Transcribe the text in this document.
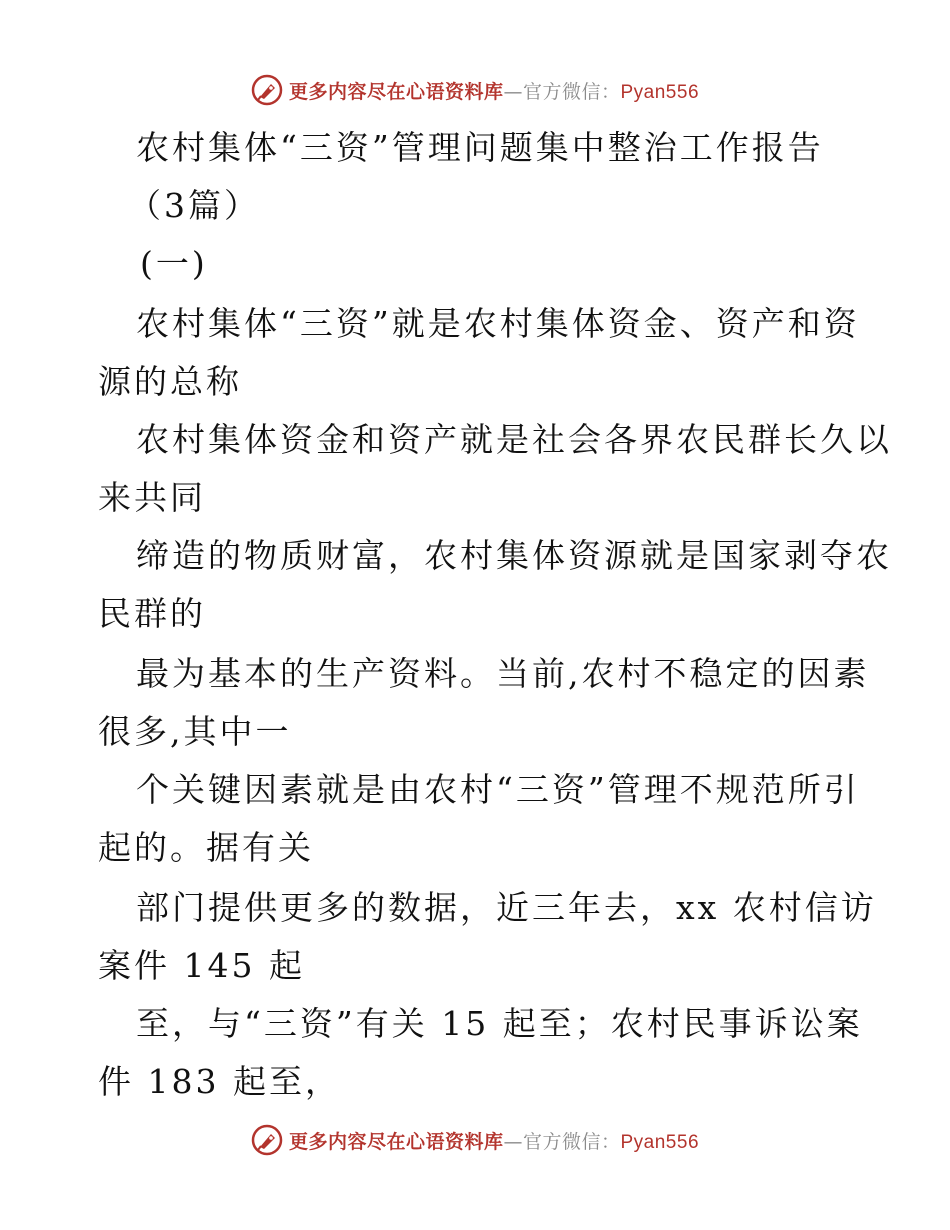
更多内容尽在心语资料库—官方微信：Pyan556
农村集体“三资”管理问题集中整治工作报告
（3篇）
(一)
农村集体“三资”就是农村集体资金、资产和资
源的总称
农村集体资金和资产就是社会各界农民群长久以
来共同
缔造的物质财富，农村集体资源就是国家剥夺农
民群的
最为基本的生产资料。当前,农村不稳定的因素
很多,其中一
个关键因素就是由农村“三资”管理不规范所引
起的。据有关
部门提供更多的数据，近三年去，xx 农村信访
案件 145 起
至，与“三资”有关 15 起至；农村民事诉讼案
件 183 起至，
更多内容尽在心语资料库—官方微信：Pyan556
